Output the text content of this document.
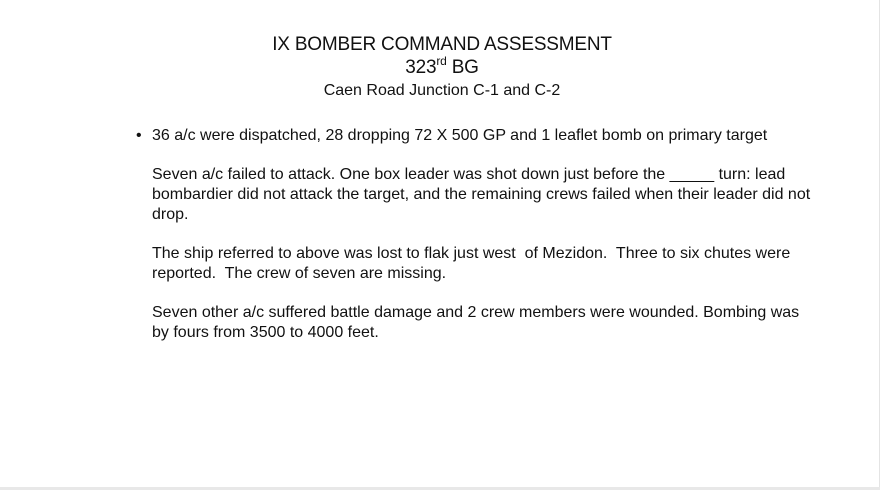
IX BOMBER COMMAND ASSESSMENT
323rd BG
Caen Road Junction C-1 and C-2
• 36 a/c were dispatched, 28 dropping 72 X 500 GP and 1 leaflet bomb on primary target
Seven a/c failed to attack. One box leader was shot down just before the _____ turn: lead bombardier did not attack the target, and the remaining crews failed when their leader did not drop.
The ship referred to above was lost to flak just west  of Mezidon.  Three to six chutes were reported.  The crew of seven are missing.
Seven other a/c suffered battle damage and 2 crew members were wounded. Bombing was by fours from 3500 to 4000 feet.
